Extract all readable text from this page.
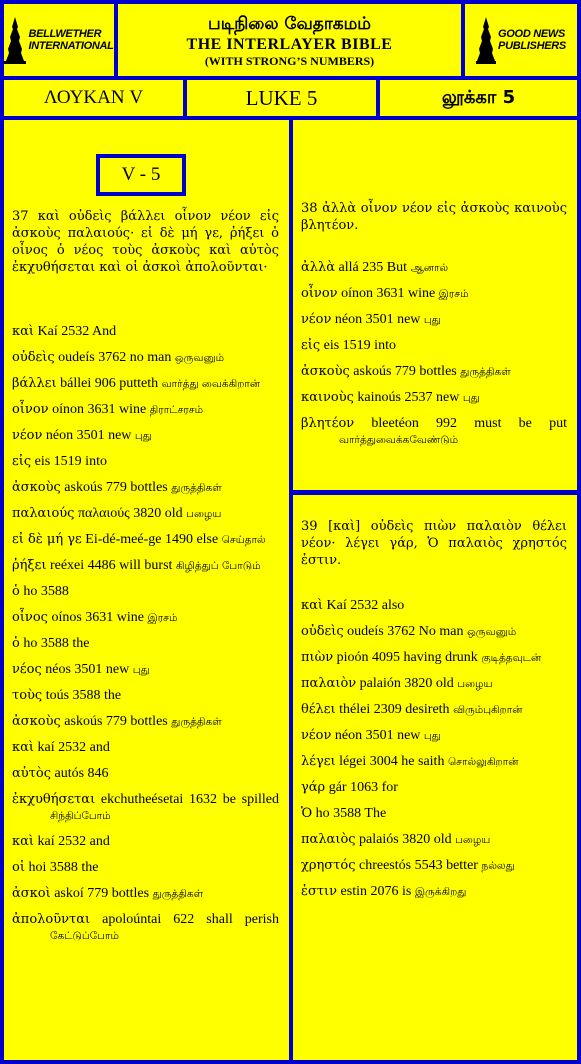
BELLWETHER
INTERNATIONAL
படிநிலை வேதாகமம்
THE INTERLAYER BIBLE
(WITH STRONG’S NUMBERS)
GOOD NEWS
PUBLISHERS
ΛΟΥΚΑΝ V	LUKE 5	லூக்கா 5
V - 5
37 καὶ οὐδεὶς βάλλει οἶνον νέον εἰς ἀσκοὺς παλαιούς· εἰ δὲ μή γε, ῥήξει ὁ οἶνος ὁ νέος τοὺς ἀσκοὺς καὶ αὐτὸς ἐκχυθήσεται καὶ οἱ ἀσκοὶ ἀπολοῦνται·
καὶ Kaí 2532 And
οὐδεὶς oudeís 3762 no man ஒருவனும்
βάλλει bállei 906 putteth வார்த்து வைக்கிறான்
οἶνον oínon 3631 wine திராட்சரசம்
νέον néon 3501 new புது
εἰς eis 1519 into
ἀσκοὺς askoús 779 bottles துருத்திகள்
παλαιούς παλαιούς 3820 old பழைய
εἰ δὲ μή γε Ei-dé-meé-ge 1490 else செய்தால்
ῥήξει reéxei 4486 will burst கிழித்துப் போடும்
ὁ ho 3588
οἶνος oínos 3631 wine இரசம்
ὁ ho 3588 the
νέος néos 3501 new புது
τοὺς toús 3588 the
ἀσκοὺς askoús 779 bottles துருத்திகள்
καὶ kaí 2532 and
αὐτὸς autós 846
ἐκχυθήσεται ekchutheésetai 1632 be spilled சிந்திப்போம்
καὶ kaí 2532 and
οἱ hoi 3588 the
ἀσκοὶ askoí 779 bottles துருத்திகள்
ἀπολοῦνται apoloúntai 622 shall perish கேட்டுப்போம்
38 ἀλλὰ οἶνον νέον εἰς ἀσκοὺς καινοὺς βλητέον.
ἀλλὰ allá 235 But ஆனால்
οἶνον oínon 3631 wine இரசம்
νέον néon 3501 new புது
εἰς eis 1519 into
ἀσκοὺς askoús 779 bottles துருத்திகள்
καινοὺς kainoús 2537 new புது
βλητέον bleetéon 992 must be put வார்த்துவைக்கவேண்டும்
39 [καὶ] οὐδεὶς πιὼν παλαιὸν θέλει νέον· λέγει γάρ, Ὁ παλαιὸς χρηστός ἐστιν.
καὶ Kaí 2532 also
οὐδεὶς oudeís 3762 No man ஒருவனும்
πιὼν pioón 4095 having drunk குடித்தவுடன்
παλαιὸν palaión 3820 old பழைய
θέλει thélei 2309 desireth விரும்புகிறான்
νέον néon 3501 new புது
λέγει légei 3004 he saith சொல்லுகிறான்
γάρ gár 1063 for
Ὁ ho 3588 The
παλαιὸς palaiós 3820 old பழைய
χρηστός chreestós 5543 better நல்லது
ἐστιν estin 2076 is இருக்கிறது
